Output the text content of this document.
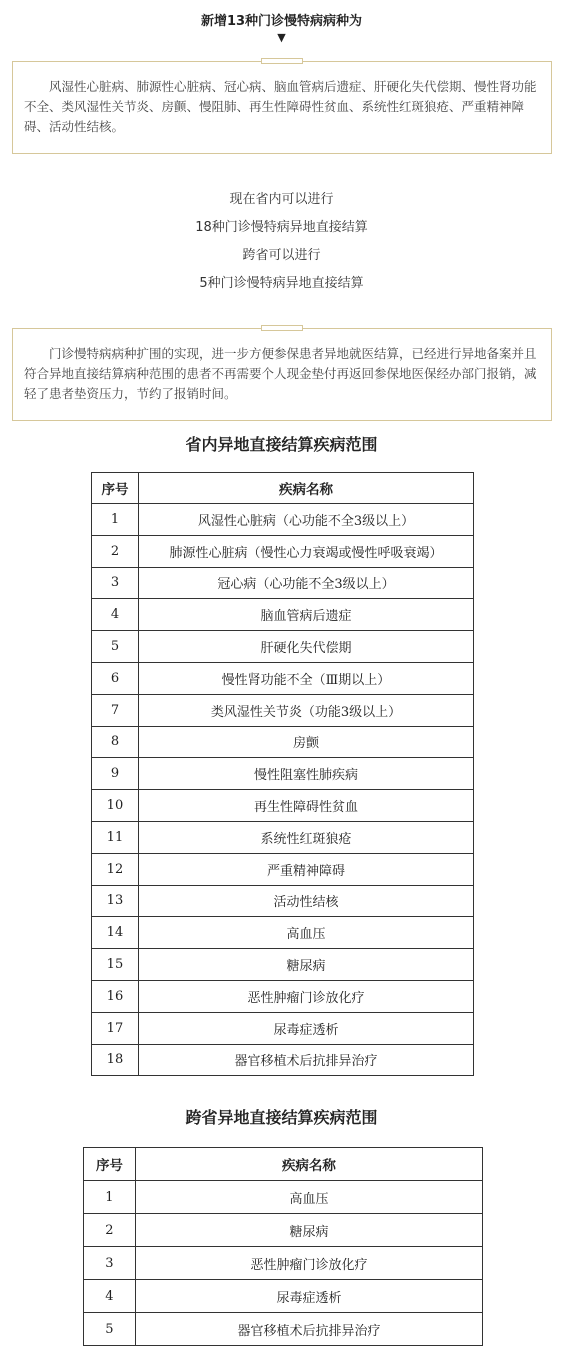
新增13种门诊慢特病病种为
▼
风湿性心脏病、肺源性心脏病、冠心病、脑血管病后遗症、肝硬化失代偿期、慢性肾功能不全、类风湿性关节炎、房颤、慢阻肺、再生性障碍性贫血、系统性红斑狼疮、严重精神障碍、活动性结核。
现在省内可以进行
18种门诊慢特病异地直接结算
跨省可以进行
5种门诊慢特病异地直接结算
门诊慢特病病种扩围的实现，进一步方便参保患者异地就医结算，已经进行异地备案并且符合异地直接结算病种范围的患者不再需要个人现金垫付再返回参保地医保经办部门报销，减轻了患者垫资压力，节约了报销时间。
省内异地直接结算疾病范围
序号	疾病名称
1	风湿性心脏病（心功能不全3级以上）
2	肺源性心脏病（慢性心力衰竭或慢性呼吸衰竭）
3	冠心病（心功能不全3级以上）
4	脑血管病后遗症
5	肝硬化失代偿期
6	慢性肾功能不全（Ⅲ期以上）
7	类风湿性关节炎（功能3级以上）
8	房颤
9	慢性阻塞性肺疾病
10	再生性障碍性贫血
11	系统性红斑狼疮
12	严重精神障碍
13	活动性结核
14	高血压
15	糖尿病
16	恶性肿瘤门诊放化疗
17	尿毒症透析
18	器官移植术后抗排异治疗
跨省异地直接结算疾病范围
序号	疾病名称
1	高血压
2	糖尿病
3	恶性肿瘤门诊放化疗
4	尿毒症透析
5	器官移植术后抗排异治疗
